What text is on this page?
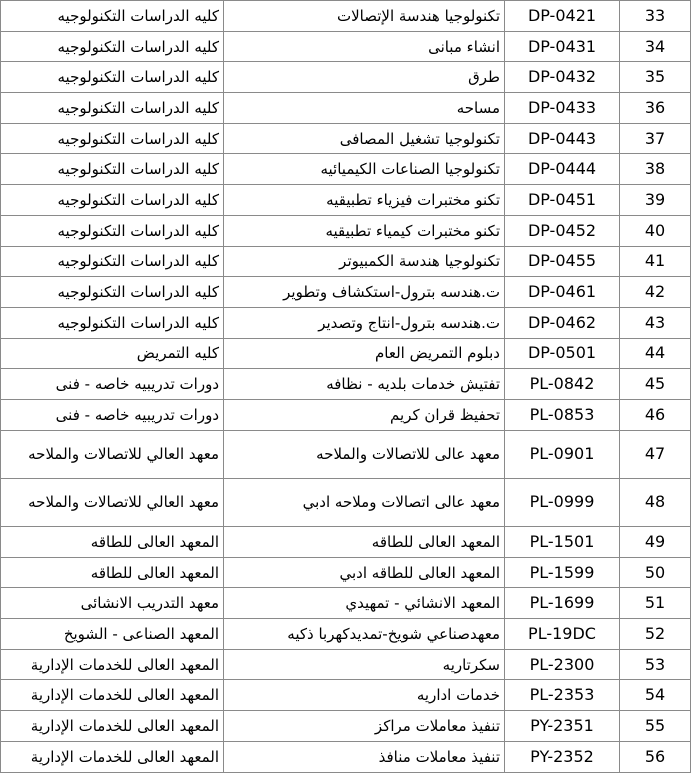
33	DP-0421	تكنولوجيا هندسة الإتصالات	كليه الدراسات التكنولوجيه
34	DP-0431	انشاء مبانى	كليه الدراسات التكنولوجيه
35	DP-0432	طرق	كليه الدراسات التكنولوجيه
36	DP-0433	مساحه	كليه الدراسات التكنولوجيه
37	DP-0443	تكنولوجيا تشغيل المصافى	كليه الدراسات التكنولوجيه
38	DP-0444	تكنولوجيا الصناعات الكيميائيه	كليه الدراسات التكنولوجيه
39	DP-0451	تكنو مختبرات فيزياء تطبيقيه	كليه الدراسات التكنولوجيه
40	DP-0452	تكنو مختبرات كيمياء تطبيقيه	كليه الدراسات التكنولوجيه
41	DP-0455	تكنولوجيا هندسة الكمبيوتر	كليه الدراسات التكنولوجيه
42	DP-0461	ت.هندسه بترول-استكشاف وتطوير	كليه الدراسات التكنولوجيه
43	DP-0462	ت.هندسه بترول-انتاج وتصدير	كليه الدراسات التكنولوجيه
44	DP-0501	دبلوم التمريض العام	كليه التمريض
45	PL-0842	تفتيش خدمات بلديه - نظافه	دورات تدريبيه خاصه - فنى
46	PL-0853	تحفيظ قران كريم	دورات تدريبيه خاصه - فنى
47	PL-0901	معهد عالى للاتصالات والملاحه	معهد العالي للاتصالات والملاحه
48	PL-0999	معهد عالى اتصالات وملاحه ادبي	معهد العالي للاتصالات والملاحه
49	PL-1501	المعهد العالى للطاقه	المعهد العالى للطاقه
50	PL-1599	المعهد العالى للطاقه ادبي	المعهد العالى للطاقه
51	PL-1699	المعهد الانشائي - تمهيدي	معهد التدريب الانشائى
52	PL-19DC	معهدصناعي شويخ-تمديدكهربا ذكيه	المعهد الصناعى - الشويخ
53	PL-2300	سكرتاريه	المعهد العالى للخدمات الإدارية
54	PL-2353	خدمات اداريه	المعهد العالى للخدمات الإدارية
55	PY-2351	تنفيذ معاملات مراكز	المعهد العالى للخدمات الإدارية
56	PY-2352	تنفيذ معاملات منافذ	المعهد العالى للخدمات الإدارية
